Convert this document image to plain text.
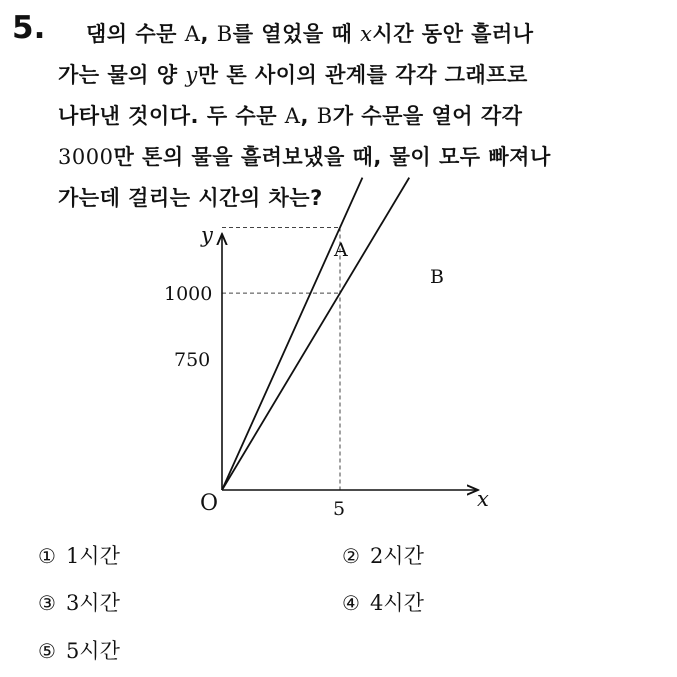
5.	댐의 수문 A, B를 열었을 때 x시간 동안 흘러나
가는 물의 양 y만 톤 사이의 관계를 각각 그래프로
나타낸 것이다. 두 수문 A, B가 수문을 열어 각각
3000만 톤의 물을 흘려보냈을 때, 물이 모두 빠져나
가는데 걸리는 시간의 차는?
O	x
y
5
1000
750
A
B
① 1시간	② 2시간
③ 3시간	④ 4시간
⑤ 5시간
